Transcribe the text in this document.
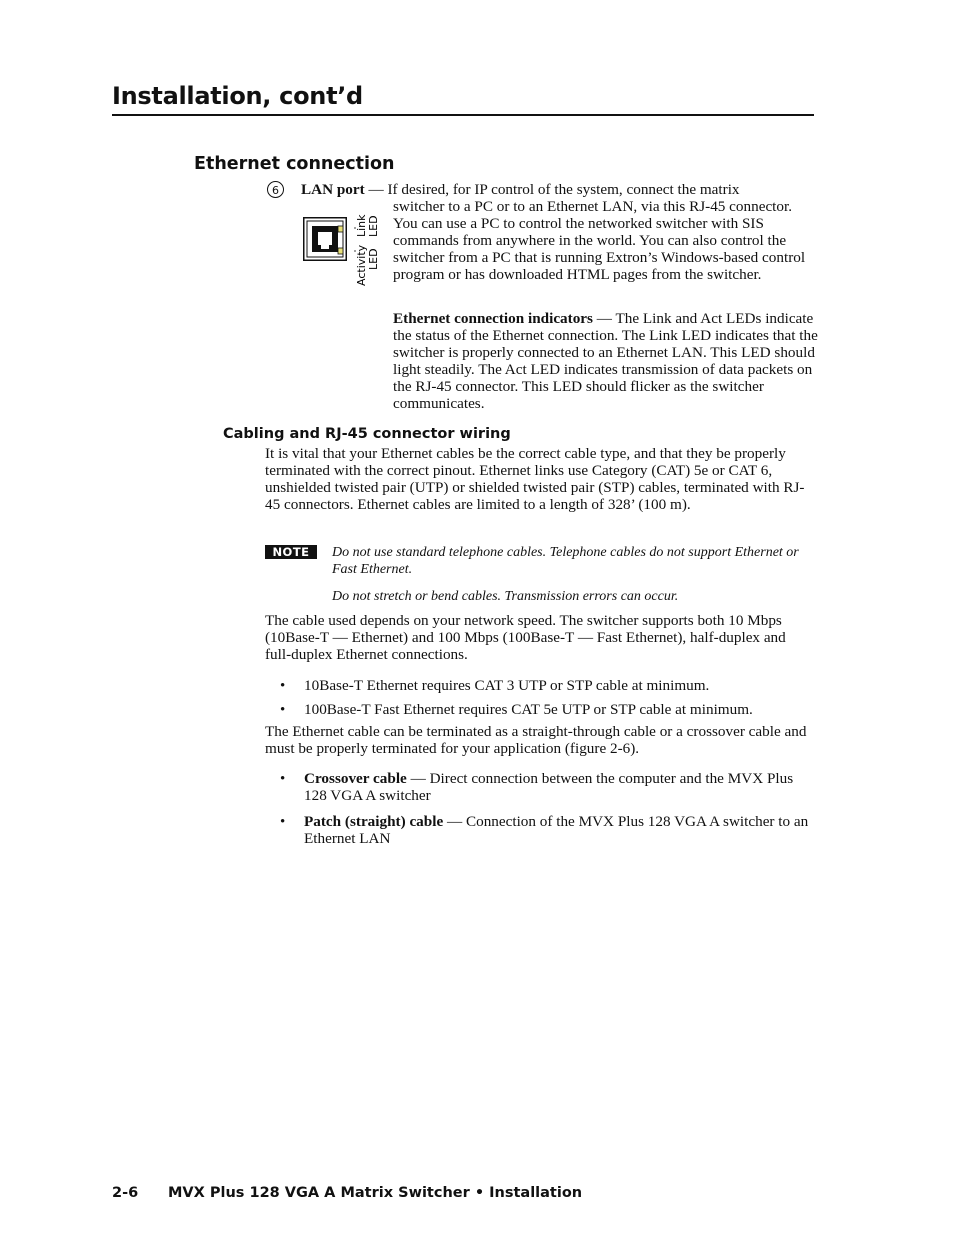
Installation, cont’d
Ethernet connection
6	LAN port — If desired, for IP control of the system, connect the matrix
switcher to a PC or to an Ethernet LAN, via this RJ-45 connector. You can use a PC to control the networked switcher with SIS commands from anywhere in the world. You can also control the switcher from a PC that is running Extron’s Windows-based control program or has downloaded HTML pages from the switcher.
Link LED
Activity LED
Ethernet connection indicators — The Link and Act LEDs indicate the status of the Ethernet connection. The Link LED indicates that the switcher is properly connected to an Ethernet LAN. This LED should light steadily. The Act LED indicates transmission of data packets on the RJ-45 connector. This LED should flicker as the switcher communicates.
Cabling and RJ-45 connector wiring
It is vital that your Ethernet cables be the correct cable type, and that they be properly terminated with the correct pinout. Ethernet links use Category (CAT) 5e or CAT 6, unshielded twisted pair (UTP) or shielded twisted pair (STP) cables, terminated with RJ-45 connectors. Ethernet cables are limited to a length of 328’ (100 m).
NOTE	Do not use standard telephone cables. Telephone cables do not support Ethernet or Fast Ethernet.
Do not stretch or bend cables. Transmission errors can occur.
The cable used depends on your network speed. The switcher supports both 10 Mbps (10Base-T — Ethernet) and 100 Mbps (100Base-T — Fast Ethernet), half-duplex and full-duplex Ethernet connections.
• 10Base-T Ethernet requires CAT 3 UTP or STP cable at minimum.
• 100Base-T Fast Ethernet requires CAT 5e UTP or STP cable at minimum.
The Ethernet cable can be terminated as a straight-through cable or a crossover cable and must be properly terminated for your application (figure 2-6).
• Crossover cable — Direct connection between the computer and the MVX Plus 128 VGA A switcher
• Patch (straight) cable — Connection of the MVX Plus 128 VGA A switcher to an Ethernet LAN
2-6 MVX Plus 128 VGA A Matrix Switcher • Installation
